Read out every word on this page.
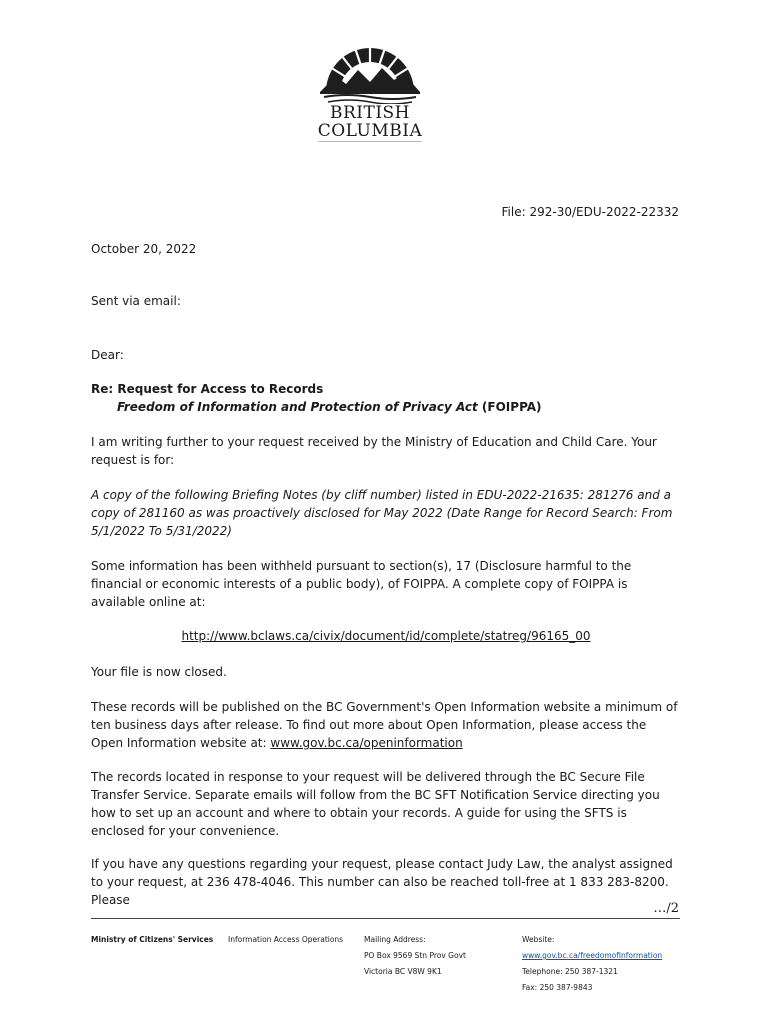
BRITISH
COLUMBIA
File: 292-30/EDU-2022-22332
October 20, 2022
Sent via email:
Dear:
Re: Request for Access to Records
Freedom of Information and Protection of Privacy Act (FOIPPA)
I am writing further to your request received by the Ministry of Education and Child Care. Your request is for:
A copy of the following Briefing Notes (by cliff number) listed in EDU-2022-21635: 281276 and a copy of 281160 as was proactively disclosed for May 2022 (Date Range for Record Search: From 5/1/2022 To 5/31/2022)
Some information has been withheld pursuant to section(s), 17 (Disclosure harmful to the financial or economic interests of a public body), of FOIPPA. A complete copy of FOIPPA is available online at:
http://www.bclaws.ca/civix/document/id/complete/statreg/96165_00
Your file is now closed.
These records will be published on the BC Government's Open Information website a minimum of ten business days after release. To find out more about Open Information, please access the Open Information website at: www.gov.bc.ca/openinformation
The records located in response to your request will be delivered through the BC Secure File Transfer Service. Separate emails will follow from the BC SFT Notification Service directing you how to set up an account and where to obtain your records. A guide for using the SFTS is enclosed for your convenience.
If you have any questions regarding your request, please contact Judy Law, the analyst assigned to your request, at 236 478-4046. This number can also be reached toll-free at 1 833 283-8200. Please
…/2
Ministry of Citizens' Services Information Access Operations	Mailing Address:
PO Box 9569 Stn Prov Govt
Victoria BC V8W 9K1
Website:
www.gov.bc.ca/freedomofinformation
Telephone: 250 387-1321
Fax: 250 387-9843
